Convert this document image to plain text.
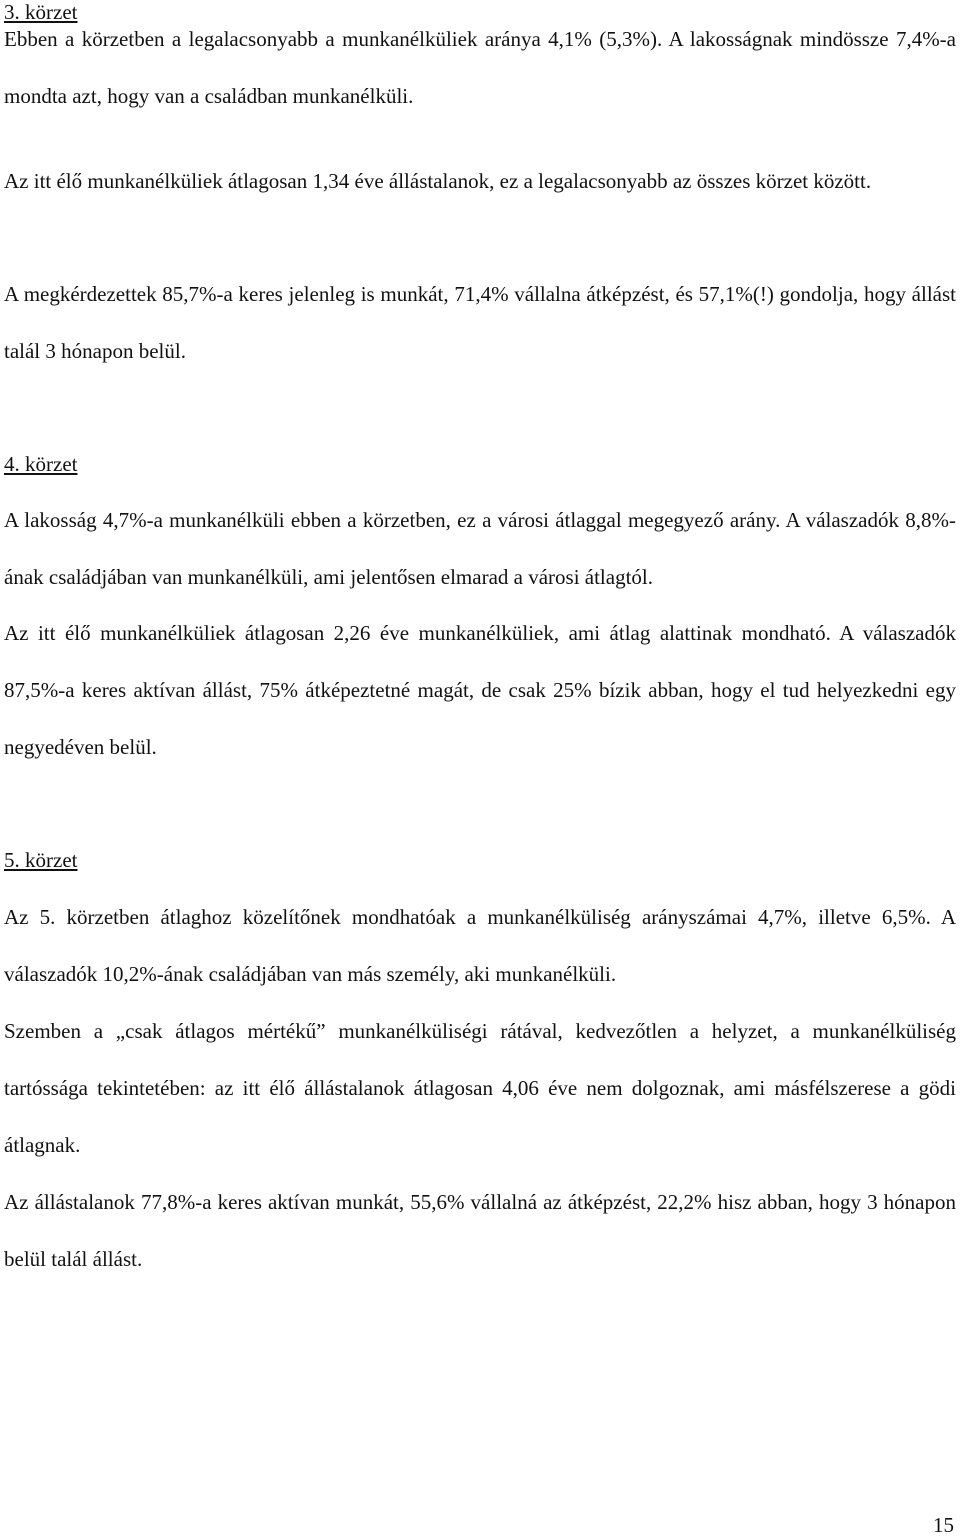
3. körzet

Ebben a körzetben a legalacsonyabb a munkanélküliek aránya 4,1% (5,3%). A lakosságnak mindössze 7,4%-a mondta azt, hogy van a családban munkanélküli.

Az itt élő munkanélküliek átlagosan 1,34 éve állástalanok, ez a legalacsonyabb az összes körzet között.

A megkérdezettek 85,7%-a keres jelenleg is munkát, 71,4% vállalna átképzést, és 57,1%(!) gondolja, hogy állást talál 3 hónapon belül.

4. körzet

A lakosság 4,7%-a munkanélküli ebben a körzetben, ez a városi átlaggal megegyező arány. A válaszadók 8,8%-ának családjában van munkanélküli, ami jelentősen elmarad a városi átlagtól.

Az itt élő munkanélküliek átlagosan 2,26 éve munkanélküliek, ami átlag alattinak mondható. A válaszadók 87,5%-a keres aktívan állást, 75% átképeztetné magát, de csak 25% bízik abban, hogy el tud helyezkedni egy negyedéven belül.

5. körzet

Az 5. körzetben átlaghoz közelítőnek mondhatóak a munkanélküliség arányszámai 4,7%, illetve 6,5%. A válaszadók 10,2%-ának családjában van más személy, aki munkanélküli.

Szemben a „csak átlagos mértékű” munkanélküliségi rátával, kedvezőtlen a helyzet, a munkanélküliség tartóssága tekintetében: az itt élő állástalanok átlagosan 4,06 éve nem dolgoznak, ami másfélszerese a gödi átlagnak.

Az állástalanok 77,8%-a keres aktívan munkát, 55,6% vállalná az átképzést, 22,2% hisz abban, hogy 3 hónapon belül talál állást.

15
